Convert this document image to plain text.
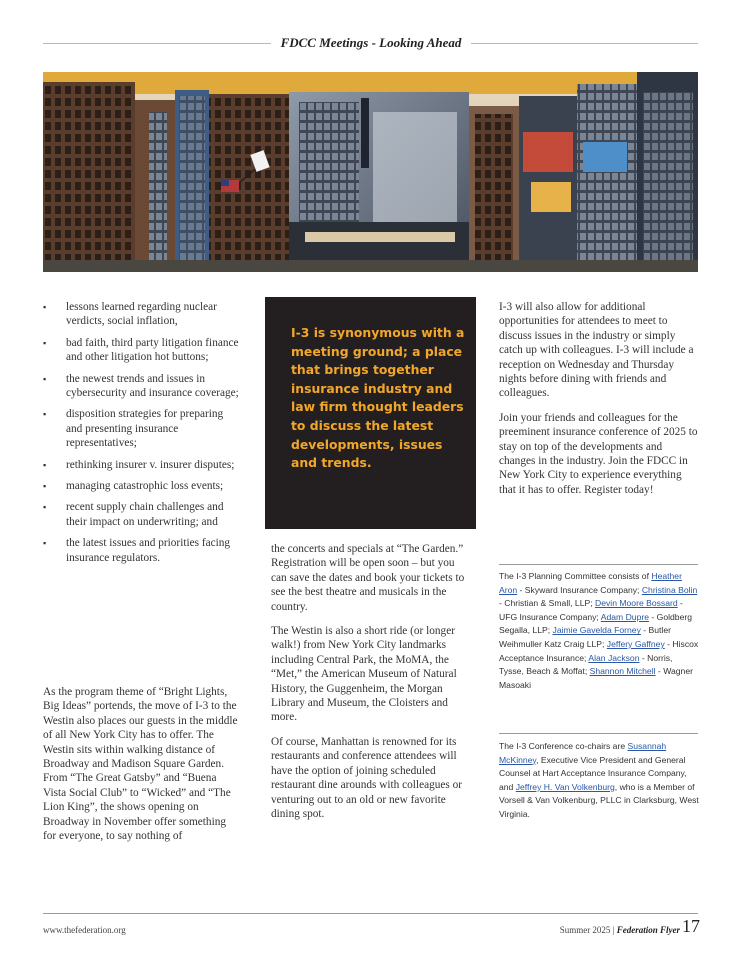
FDCC Meetings - Looking Ahead
▪ lessons learned regarding nuclear verdicts, social inflation,
▪ bad faith, third party litigation finance and other litigation hot buttons;
▪ the newest trends and issues in cybersecurity and insurance coverage;
▪ disposition strategies for preparing and presenting insurance representatives;
▪ rethinking insurer v. insurer disputes;
▪ managing catastrophic loss events;
▪ recent supply chain challenges and their impact on underwriting; and
▪ the latest issues and priorities facing insurance regulators.

As the program theme of “Bright Lights, Big Ideas” portends, the move of I-3 to the Westin also places our guests in the middle of all New York City has to offer. The Westin sits within walking distance of Broadway and Madison Square Garden. From “The Great Gatsby” and “Buena Vista Social Club” to “Wicked” and “The Lion King”, the shows opening on Broadway in November offer something for everyone, to say nothing of

I-3 is synonymous with a meeting ground; a place that brings together insurance industry and law firm thought leaders to discuss the latest developments, issues and trends.

the concerts and specials at “The Garden.” Registration will be open soon – but you can save the dates and book your tickets to see the best theatre and musicals in the country.

The Westin is also a short ride (or longer walk!) from New York City landmarks including Central Park, the MoMA, the “Met,” the American Museum of Natural History, the Guggenheim, the Morgan Library and Museum, the Cloisters and more.

Of course, Manhattan is renowned for its restaurants and conference attendees will have the option of joining scheduled restaurant dine arounds with colleagues or venturing out to an old or new favorite dining spot.

I-3 will also allow for additional opportunities for attendees to meet to discuss issues in the industry or simply catch up with colleagues. I-3 will include a reception on Wednesday and Thursday nights before dining with friends and colleagues.

Join your friends and colleagues for the preeminent insurance conference of 2025 to stay on top of the developments and changes in the industry. Join the FDCC in New York City to experience everything that it has to offer. Register today!

The I-3 Planning Committee consists of Heather Aron - Skyward Insurance Company; Christina Bolin - Christian & Small, LLP; Devin Moore Bossard - UFG Insurance Company; Adam Dupre - Goldberg Segalla, LLP; Jaimie Gavelda Forney - Butler Weihmuller Katz Craig LLP; Jeffery Gaffney - Hiscox Acceptance Insurance; Alan Jackson - Norris, Tysse, Beach & Moffat; Shannon Mitchell - Wagner Masoaki
The I-3 Conference co-chairs are Susannah McKinney, Executive Vice President and General Counsel at Hart Acceptance Insurance Company, and Jeffrey H. Van Volkenburg, who is a Member of Vorsell & Van Volkenburg, PLLC in Clarksburg, West Virginia.
www.thefederation.org	Summer 2025 | Federation Flyer 17
